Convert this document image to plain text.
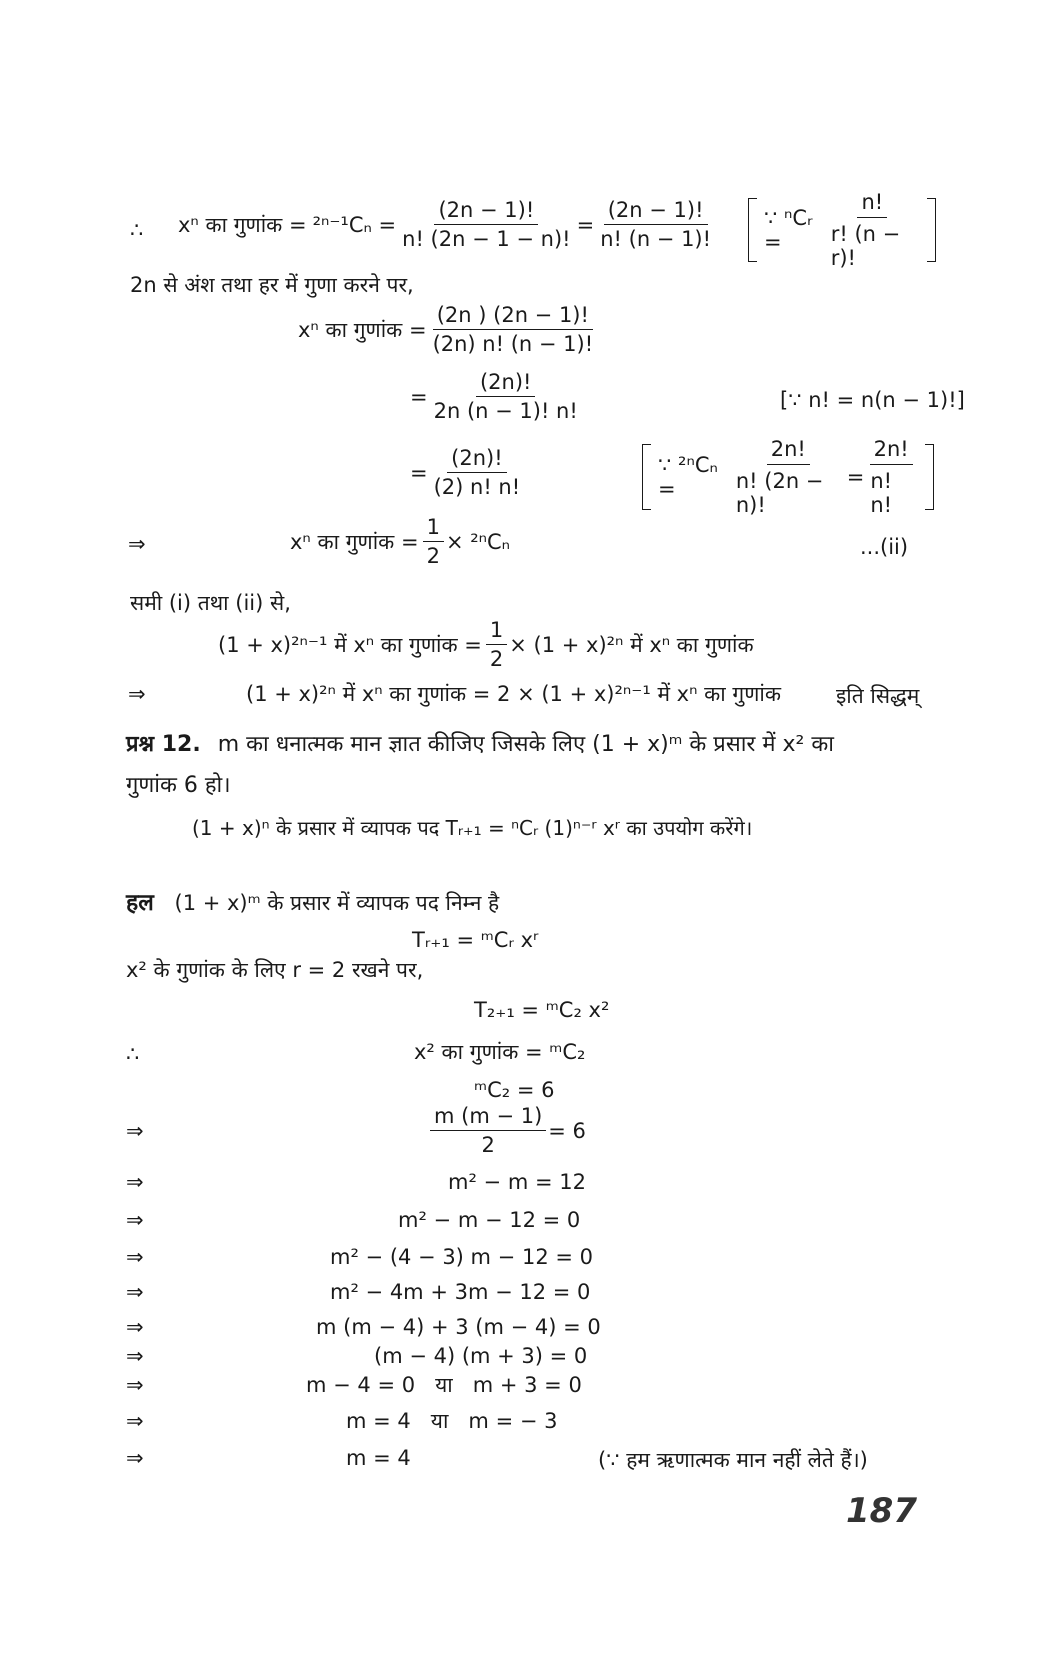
∴ xⁿ का गुणांक = $^{2n-1}C_n = \frac{(2n - 1)!}{n! (2n - 1 - n)!} = \frac{(2n - 1)!}{n! (n - 1)!}$ ∵ ⁿCᵣ =	$\frac{n!}{r! (n - r)!}$
2n से अंश तथा हर में गुणा करने पर,
xⁿ का गुणांक = $\frac{(2n ) (2n - 1)!}{(2n) n! (n - 1)!}$
= $\frac{(2n)!}{2n (n - 1)! n!}$	[∵ n! = n(n − 1)!]
= $\frac{(2n)!}{(2) n! n!}$	∵ ²ⁿCₙ =	$\frac{2n!}{n! (2n - n)!} = \frac{2n!}{n! n!}$
⇒	xⁿ का गुणांक = $\frac{1}{2} \times ^{2n}C_n$	...(ii)
समी (i) तथा (ii) से,
(1 + x)²ⁿ⁻¹ में xⁿ का गुणांक = $\frac{1}{2} \times (1 + x)^{2n}$ में xⁿ का गुणांक
⇒	(1 + x)²ⁿ में xⁿ का गुणांक = 2 × (1 + x)²ⁿ⁻¹ में xⁿ का गुणांक	इति सिद्धम्
प्रश्न 12. m का धनात्मक मान ज्ञात कीजिए जिसके लिए (1 + x)ᵐ के प्रसार में x² का
गुणांक 6 हो।
(1 + x)ⁿ के प्रसार में व्यापक पद Tᵣ₊₁ = ⁿCᵣ (1)ⁿ⁻ʳ xʳ का उपयोग करेंगे।
हल (1 + x)ᵐ के प्रसार में व्यापक पद निम्न है
Tᵣ₊₁ = ᵐCᵣ xʳ
x² के गुणांक के लिए r = 2 रखने पर,
T₂₊₁ = ᵐC₂ x²
∴	x² का गुणांक = ᵐC₂
ᵐC₂ = 6
⇒	$\frac{m (m - 1)}{2} = 6$
⇒	m² − m = 12
⇒	m² − m − 12 = 0
⇒	m² − (4 − 3) m − 12 = 0
⇒	m² − 4m + 3m − 12 = 0
⇒	m (m − 4) + 3 (m − 4) = 0
⇒	(m − 4) (m + 3) = 0
⇒	m − 4 = 0   या   m + 3 = 0
⇒	m = 4   या   m = − 3
⇒	m = 4	(∵ हम ऋणात्मक मान नहीं लेते हैं।)
187
